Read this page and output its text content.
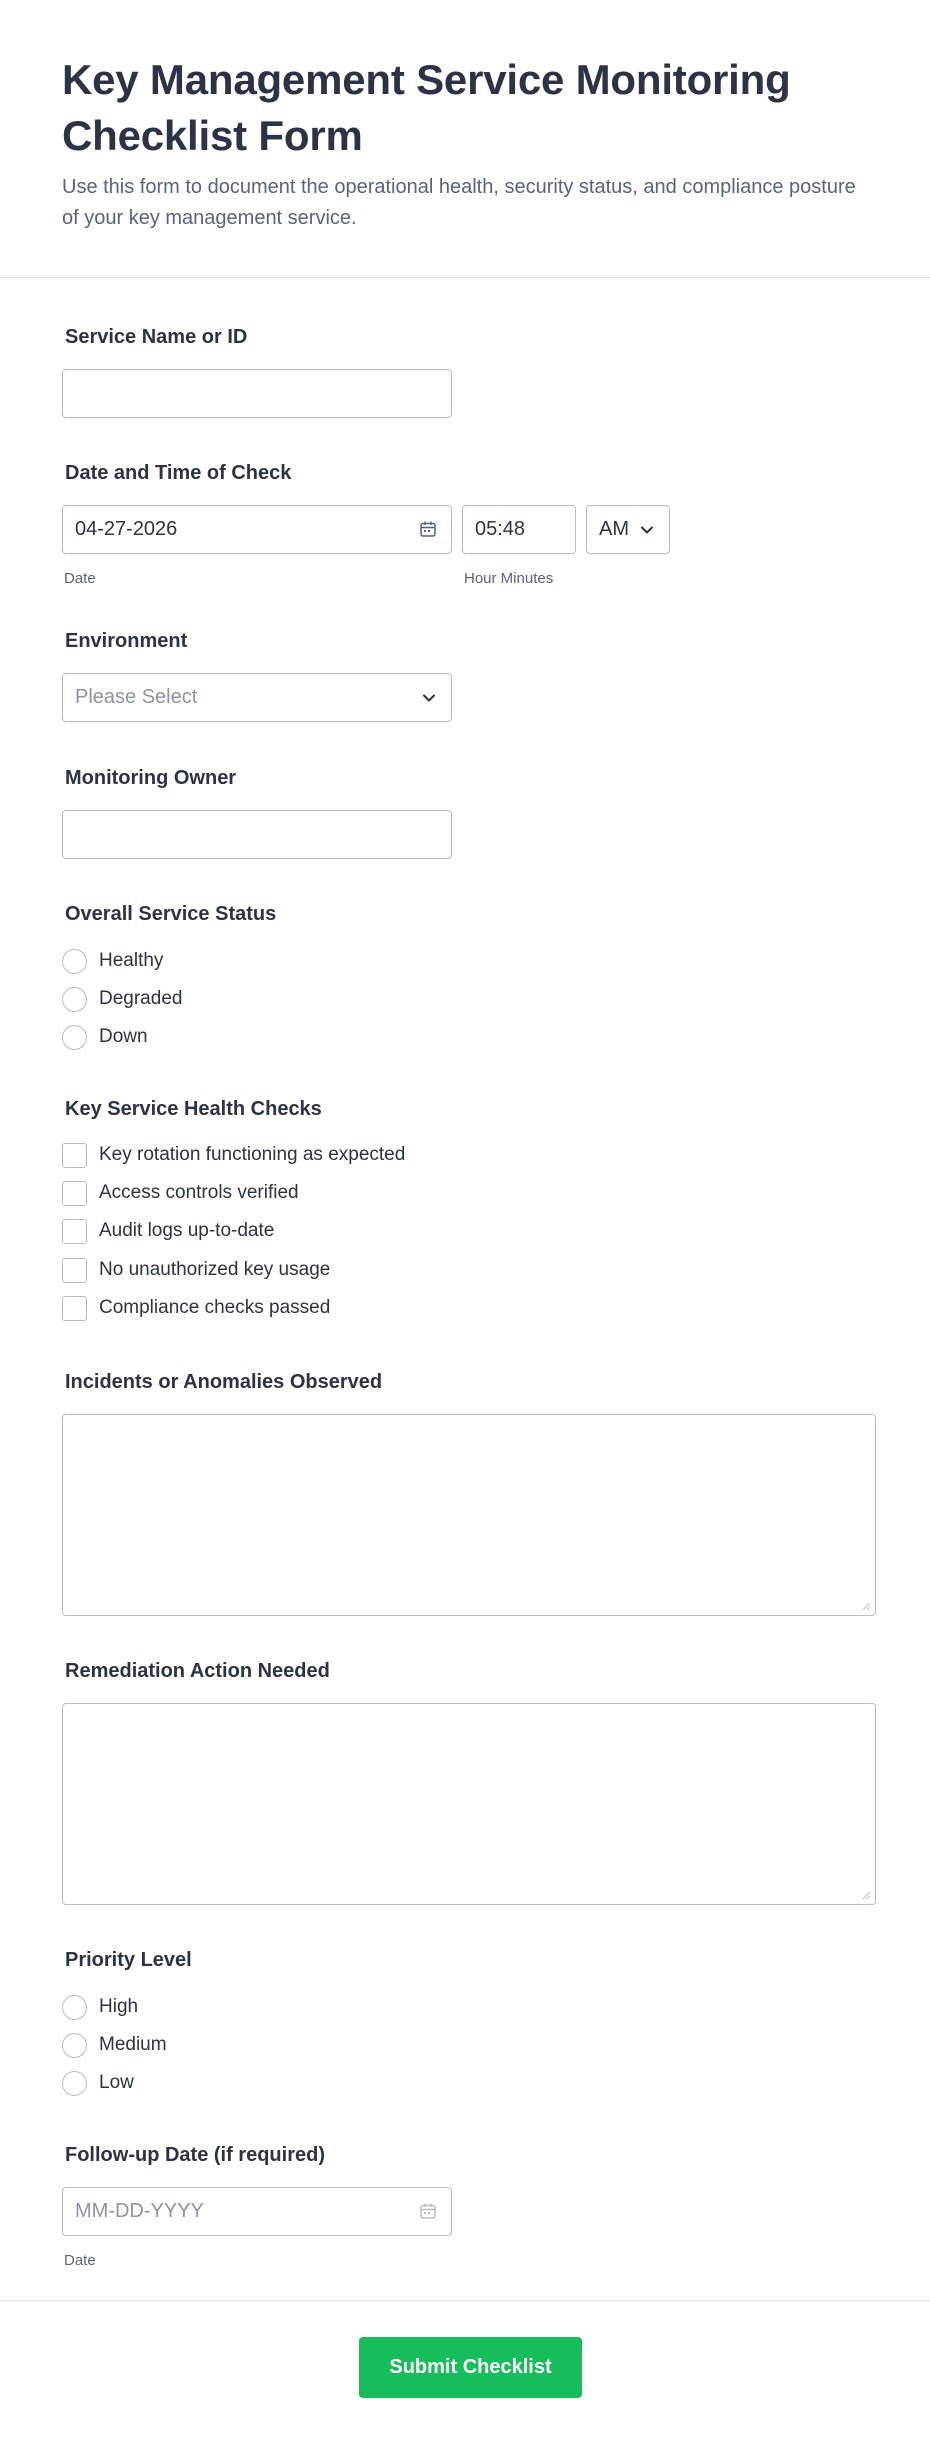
Key Management Service Monitoring Checklist Form

Use this form to document the operational health, security status, and compliance posture of your key management service.

Service Name or ID
Date and Time of Check
04-27-2026
Date
05:48
Hour Minutes
AM
Environment
Please Select
Monitoring Owner
Overall Service Status
Healthy
Degraded
Down
Key Service Health Checks
Key rotation functioning as expected
Access controls verified
Audit logs up-to-date
No unauthorized key usage
Compliance checks passed
Incidents or Anomalies Observed
Remediation Action Needed
Priority Level
High
Medium
Low
Follow-up Date (if required)
MM-DD-YYYY
Date
Submit Checklist
